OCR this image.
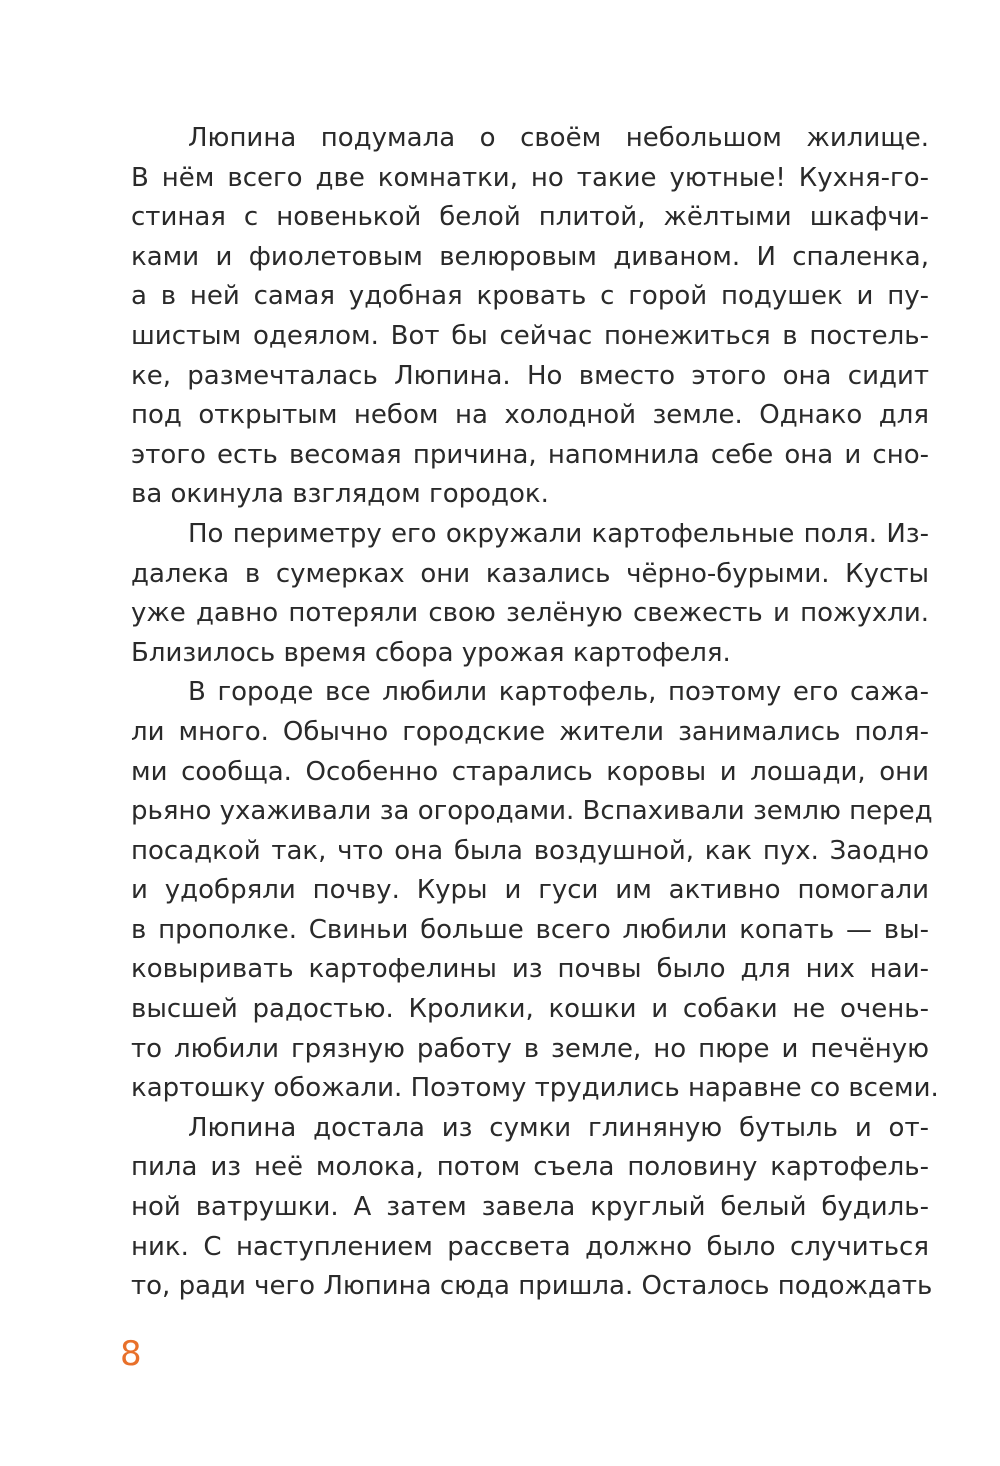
Люпина подумала о своём небольшом жилище.
В нём всего две комнатки, но такие уютные! Кухня-го-
стиная с новенькой белой плитой, жёлтыми шкафчи-
ками и фиолетовым велюровым диваном. И спаленка,
а в ней самая удобная кровать с горой подушек и пу-
шистым одеялом. Вот бы сейчас понежиться в постель-
ке, размечталась Люпина. Но вместо этого она сидит
под открытым небом на холодной земле. Однако для
этого есть весомая причина, напомнила себе она и сно-
ва окинула взглядом городок.
По периметру его окружали картофельные поля. Из-
далека в сумерках они казались чёрно-бурыми. Кусты
уже давно потеряли свою зелёную свежесть и пожухли.
Близилось время сбора урожая картофеля.
В городе все любили картофель, поэтому его сажа-
ли много. Обычно городские жители занимались поля-
ми сообща. Особенно старались коровы и лошади, они
рьяно ухаживали за огородами. Вспахивали землю перед
посадкой так, что она была воздушной, как пух. Заодно
и удобряли почву. Куры и гуси им активно помогали
в прополке. Свиньи больше всего любили копать — вы-
ковыривать картофелины из почвы было для них наи-
высшей радостью. Кролики, кошки и собаки не очень-
то любили грязную работу в земле, но пюре и печёную
картошку обожали. Поэтому трудились наравне со всеми.
Люпина достала из сумки глиняную бутыль и от-
пила из неё молока, потом съела половину картофель-
ной ватрушки. А затем завела круглый белый будиль-
ник. С наступлением рассвета должно было случиться
то, ради чего Люпина сюда пришла. Осталось подождать
8
